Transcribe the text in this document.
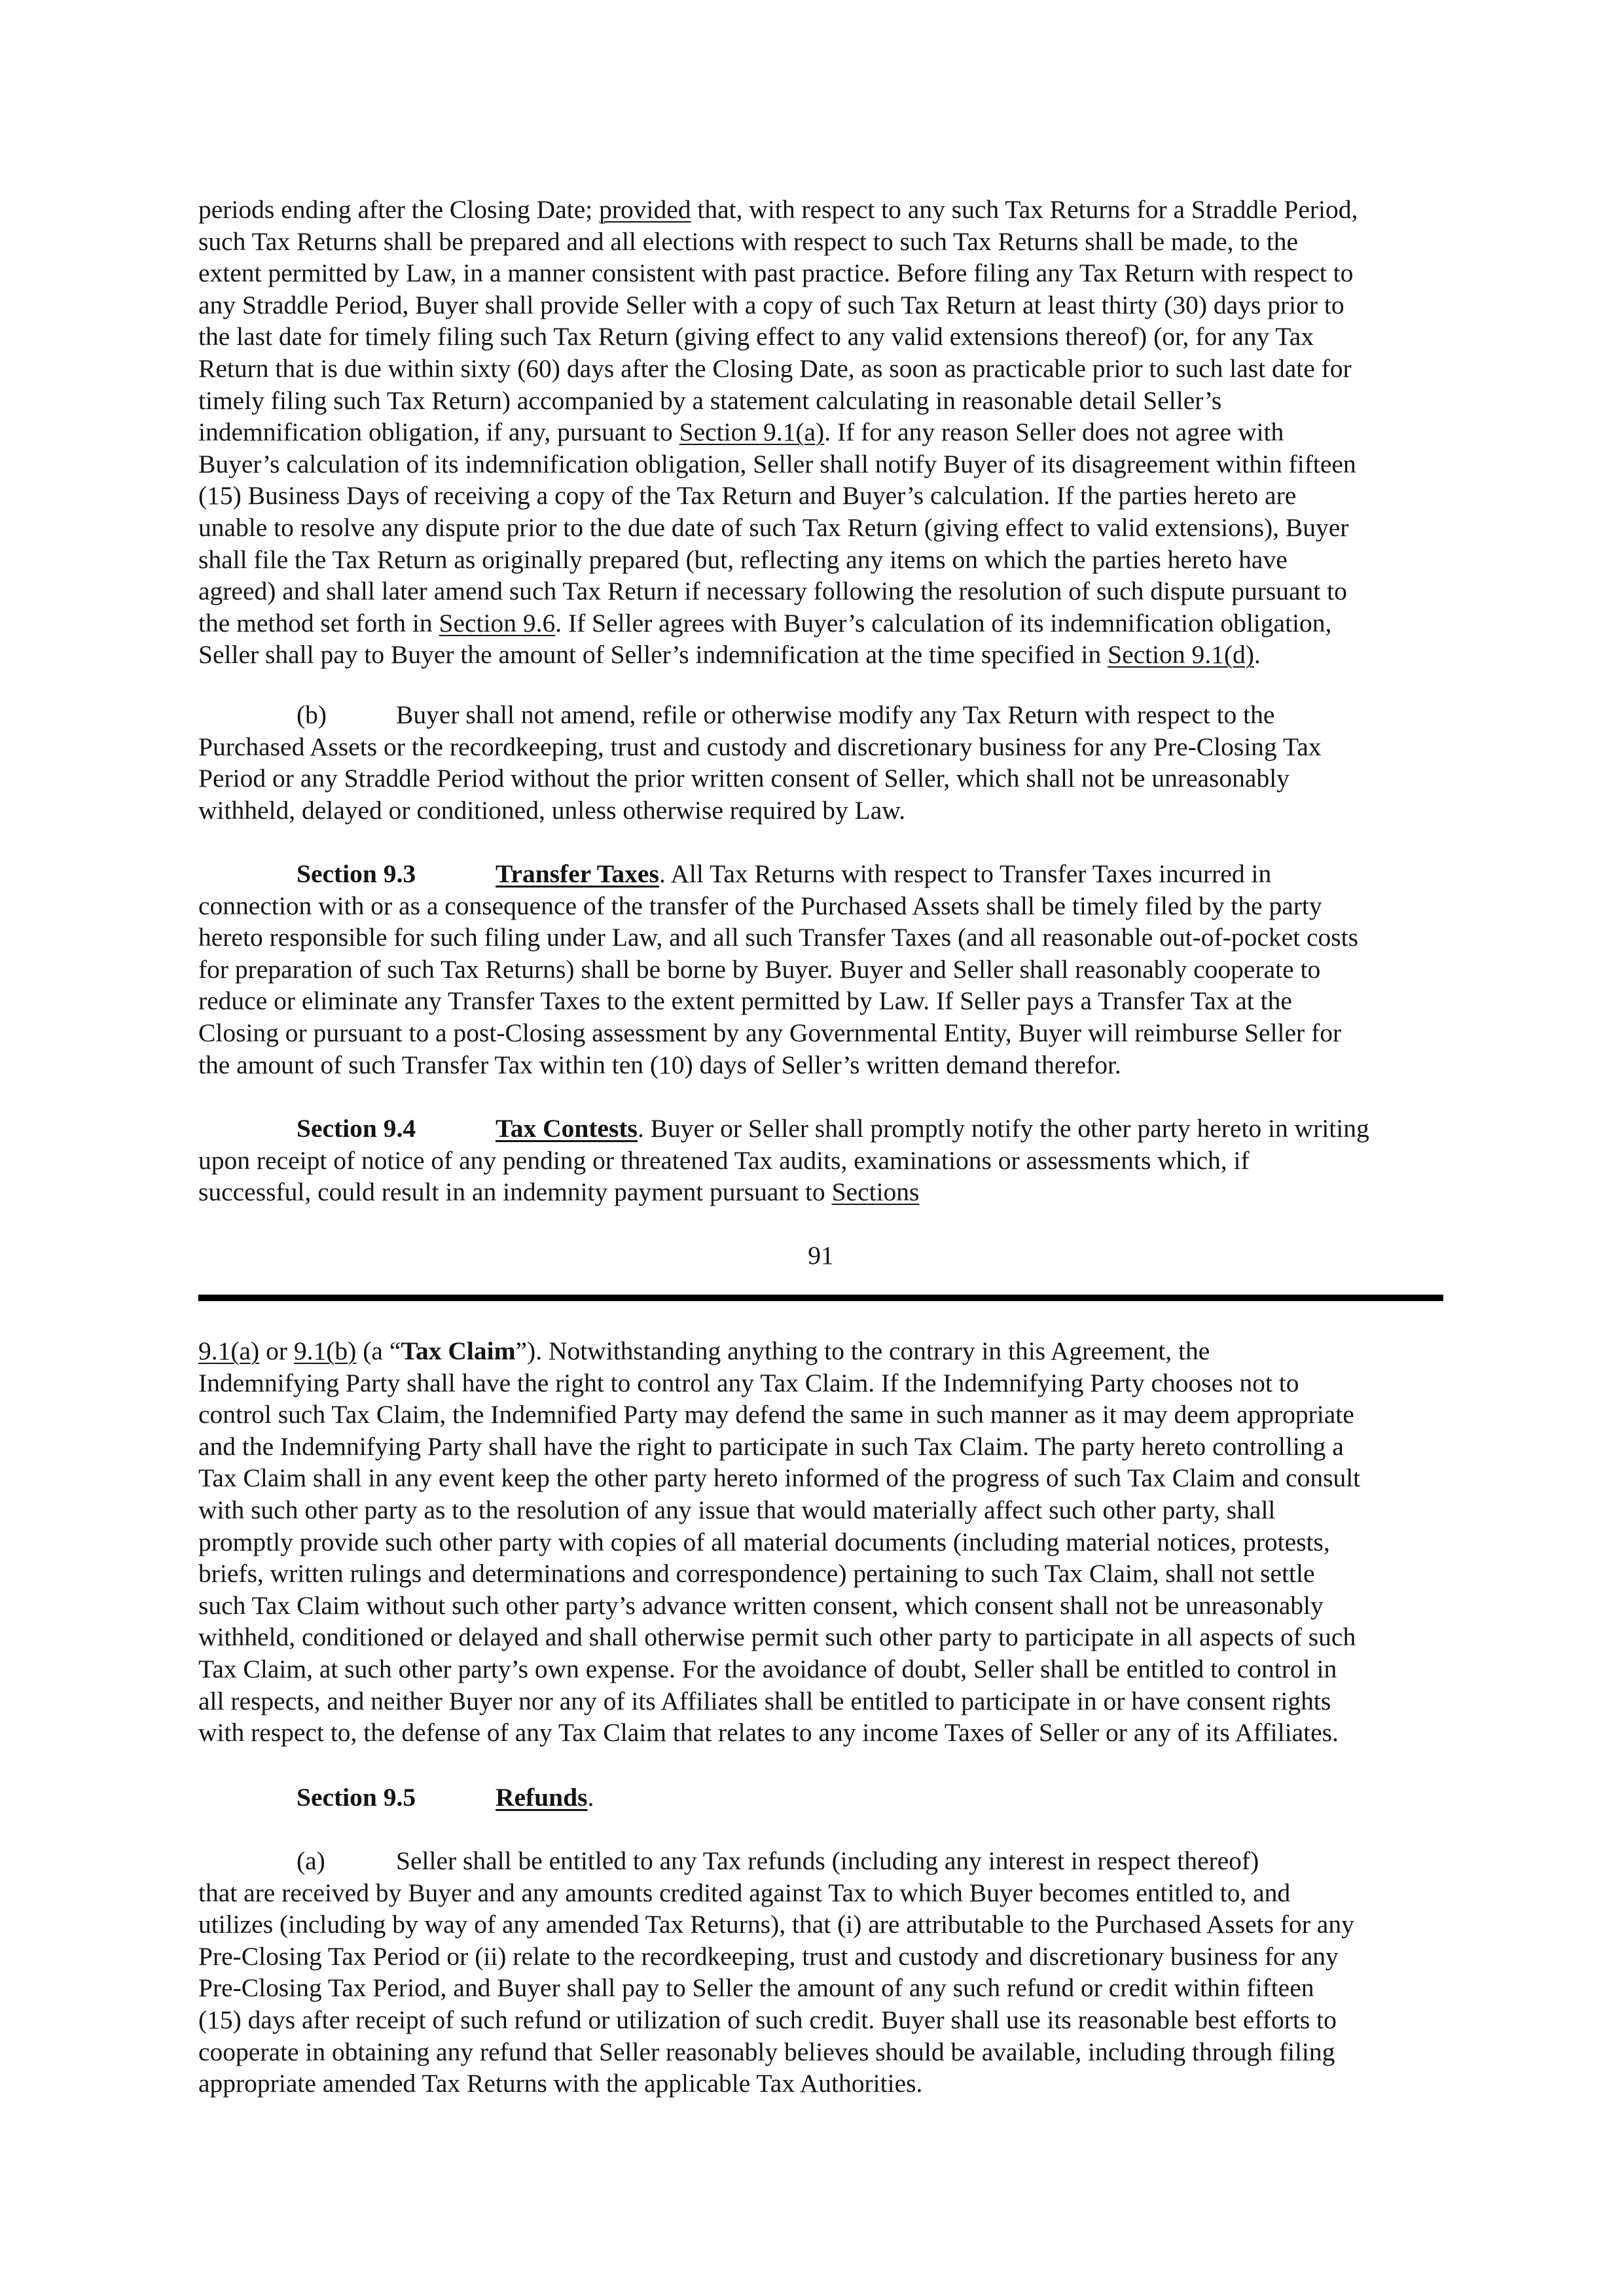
periods ending after the Closing Date; provided that, with respect to any such Tax Returns for a Straddle Period,
such Tax Returns shall be prepared and all elections with respect to such Tax Returns shall be made, to the
extent permitted by Law, in a manner consistent with past practice. Before filing any Tax Return with respect to
any Straddle Period, Buyer shall provide Seller with a copy of such Tax Return at least thirty (30) days prior to
the last date for timely filing such Tax Return (giving effect to any valid extensions thereof) (or, for any Tax
Return that is due within sixty (60) days after the Closing Date, as soon as practicable prior to such last date for
timely filing such Tax Return) accompanied by a statement calculating in reasonable detail Seller’s
indemnification obligation, if any, pursuant to Section 9.1(a). If for any reason Seller does not agree with
Buyer’s calculation of its indemnification obligation, Seller shall notify Buyer of its disagreement within fifteen
(15) Business Days of receiving a copy of the Tax Return and Buyer’s calculation. If the parties hereto are
unable to resolve any dispute prior to the due date of such Tax Return (giving effect to valid extensions), Buyer
shall file the Tax Return as originally prepared (but, reflecting any items on which the parties hereto have
agreed) and shall later amend such Tax Return if necessary following the resolution of such dispute pursuant to
the method set forth in Section 9.6. If Seller agrees with Buyer’s calculation of its indemnification obligation,
Seller shall pay to Buyer the amount of Seller’s indemnification at the time specified in Section 9.1(d).
(b)	Buyer shall not amend, refile or otherwise modify any Tax Return with respect to the
Purchased Assets or the recordkeeping, trust and custody and discretionary business for any Pre-Closing Tax
Period or any Straddle Period without the prior written consent of Seller, which shall not be unreasonably
withheld, delayed or conditioned, unless otherwise required by Law.
Section 9.3	Transfer Taxes. All Tax Returns with respect to Transfer Taxes incurred in
connection with or as a consequence of the transfer of the Purchased Assets shall be timely filed by the party
hereto responsible for such filing under Law, and all such Transfer Taxes (and all reasonable out-of-pocket costs
for preparation of such Tax Returns) shall be borne by Buyer. Buyer and Seller shall reasonably cooperate to
reduce or eliminate any Transfer Taxes to the extent permitted by Law. If Seller pays a Transfer Tax at the
Closing or pursuant to a post-Closing assessment by any Governmental Entity, Buyer will reimburse Seller for
the amount of such Transfer Tax within ten (10) days of Seller’s written demand therefor.
Section 9.4	Tax Contests. Buyer or Seller shall promptly notify the other party hereto in writing
upon receipt of notice of any pending or threatened Tax audits, examinations or assessments which, if
successful, could result in an indemnity payment pursuant to Sections
91
9.1(a) or 9.1(b) (a “Tax Claim”). Notwithstanding anything to the contrary in this Agreement, the
Indemnifying Party shall have the right to control any Tax Claim. If the Indemnifying Party chooses not to
control such Tax Claim, the Indemnified Party may defend the same in such manner as it may deem appropriate
and the Indemnifying Party shall have the right to participate in such Tax Claim. The party hereto controlling a
Tax Claim shall in any event keep the other party hereto informed of the progress of such Tax Claim and consult
with such other party as to the resolution of any issue that would materially affect such other party, shall
promptly provide such other party with copies of all material documents (including material notices, protests,
briefs, written rulings and determinations and correspondence) pertaining to such Tax Claim, shall not settle
such Tax Claim without such other party’s advance written consent, which consent shall not be unreasonably
withheld, conditioned or delayed and shall otherwise permit such other party to participate in all aspects of such
Tax Claim, at such other party’s own expense. For the avoidance of doubt, Seller shall be entitled to control in
all respects, and neither Buyer nor any of its Affiliates shall be entitled to participate in or have consent rights
with respect to, the defense of any Tax Claim that relates to any income Taxes of Seller or any of its Affiliates.
Section 9.5	Refunds.
(a)	Seller shall be entitled to any Tax refunds (including any interest in respect thereof)
that are received by Buyer and any amounts credited against Tax to which Buyer becomes entitled to, and
utilizes (including by way of any amended Tax Returns), that (i) are attributable to the Purchased Assets for any
Pre-Closing Tax Period or (ii) relate to the recordkeeping, trust and custody and discretionary business for any
Pre-Closing Tax Period, and Buyer shall pay to Seller the amount of any such refund or credit within fifteen
(15) days after receipt of such refund or utilization of such credit. Buyer shall use its reasonable best efforts to
cooperate in obtaining any refund that Seller reasonably believes should be available, including through filing
appropriate amended Tax Returns with the applicable Tax Authorities.
